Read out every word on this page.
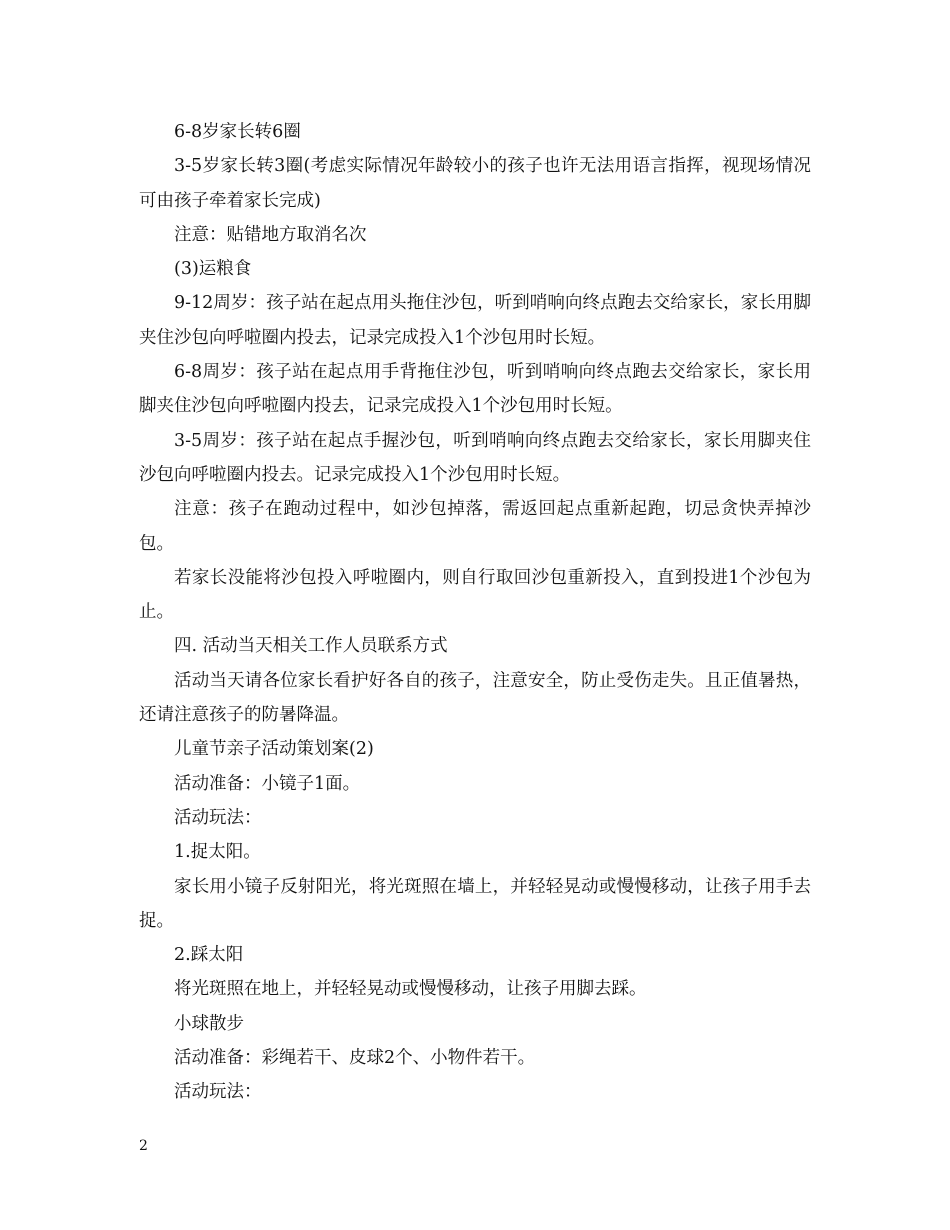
6-8岁家长转6圈

3-5岁家长转3圈(考虑实际情况年龄较小的孩子也许无法用语言指挥，视现场情况可由孩子牵着家长完成)

注意：贴错地方取消名次

(3)运粮食

9-12周岁：孩子站在起点用头拖住沙包，听到哨响向终点跑去交给家长，家长用脚夹住沙包向呼啦圈内投去，记录完成投入1个沙包用时长短。

6-8周岁：孩子站在起点用手背拖住沙包，听到哨响向终点跑去交给家长，家长用脚夹住沙包向呼啦圈内投去，记录完成投入1个沙包用时长短。

3-5周岁：孩子站在起点手握沙包，听到哨响向终点跑去交给家长，家长用脚夹住沙包向呼啦圈内投去。记录完成投入1个沙包用时长短。

注意：孩子在跑动过程中，如沙包掉落，需返回起点重新起跑，切忌贪快弄掉沙包。

若家长没能将沙包投入呼啦圈内，则自行取回沙包重新投入，直到投进1个沙包为止。

四. 活动当天相关工作人员联系方式

活动当天请各位家长看护好各自的孩子，注意安全，防止受伤走失。且正值暑热，还请注意孩子的防暑降温。

儿童节亲子活动策划案(2)

活动准备：小镜子1面。

活动玩法：

1.捉太阳。

家长用小镜子反射阳光，将光斑照在墙上，并轻轻晃动或慢慢移动，让孩子用手去捉。

2.踩太阳

将光斑照在地上，并轻轻晃动或慢慢移动，让孩子用脚去踩。

小球散步

活动准备：彩绳若干、皮球2个、小物件若干。

活动玩法：

2
